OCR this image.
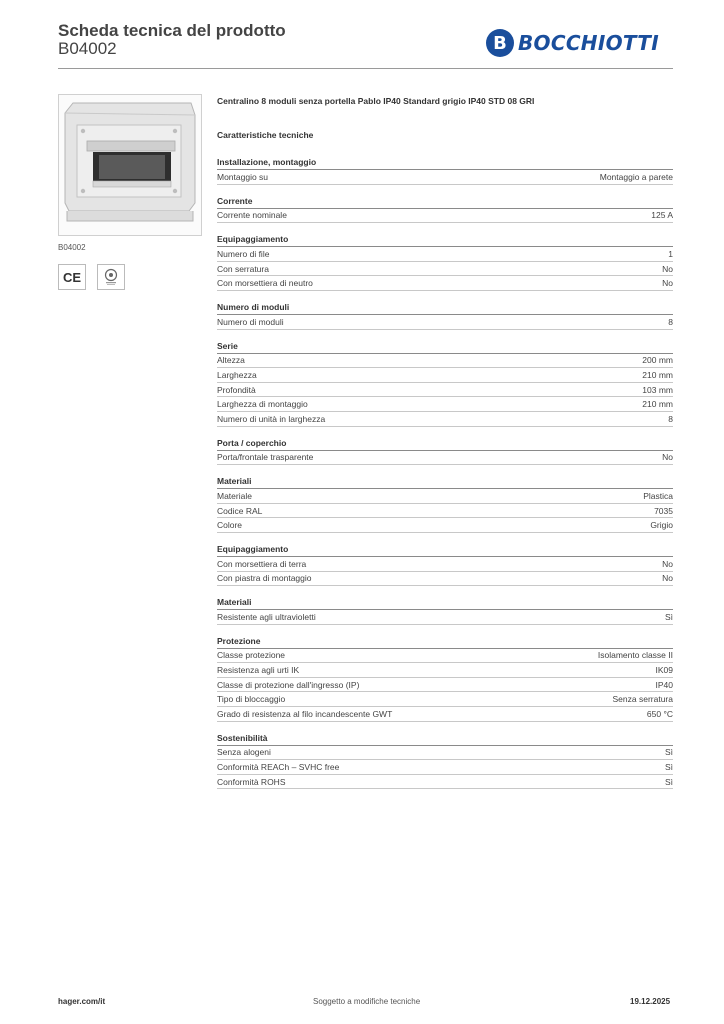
Scheda tecnica del prodotto
B04002	B BOCCHIOTTI
B04002
CE
Centralino 8 moduli senza portella Pablo IP40 Standard grigio IP40 STD 08 GRI
Caratteristiche tecniche
Installazione, montaggio
Montaggio su	Montaggio a parete
Corrente
Corrente nominale	125 A
Equipaggiamento
Numero di file	1
Con serratura	No
Con morsettiera di neutro	No
Numero di moduli
Numero di moduli	8
Serie
Altezza	200 mm
Larghezza	210 mm
Profondità	103 mm
Larghezza di montaggio	210 mm
Numero di unità in larghezza	8
Porta / coperchio
Porta/frontale trasparente	No
Materiali
Materiale	Plastica
Codice RAL	7035
Colore	Grigio
Equipaggiamento
Con morsettiera di terra	No
Con piastra di montaggio	No
Materiali
Resistente agli ultravioletti	Sì
Protezione
Classe protezione	Isolamento classe II
Resistenza agli urti IK	IK09
Classe di protezione dall'ingresso (IP)	IP40
Tipo di bloccaggio	Senza serratura
Grado di resistenza al filo incandescente GWT	650 °C
Sostenibilità
Senza alogeni	Sì
Conformità REACh – SVHC free	Sì
Conformità ROHS	Sì
hager.com/it	Soggetto a modifiche tecniche	19.12.2025
